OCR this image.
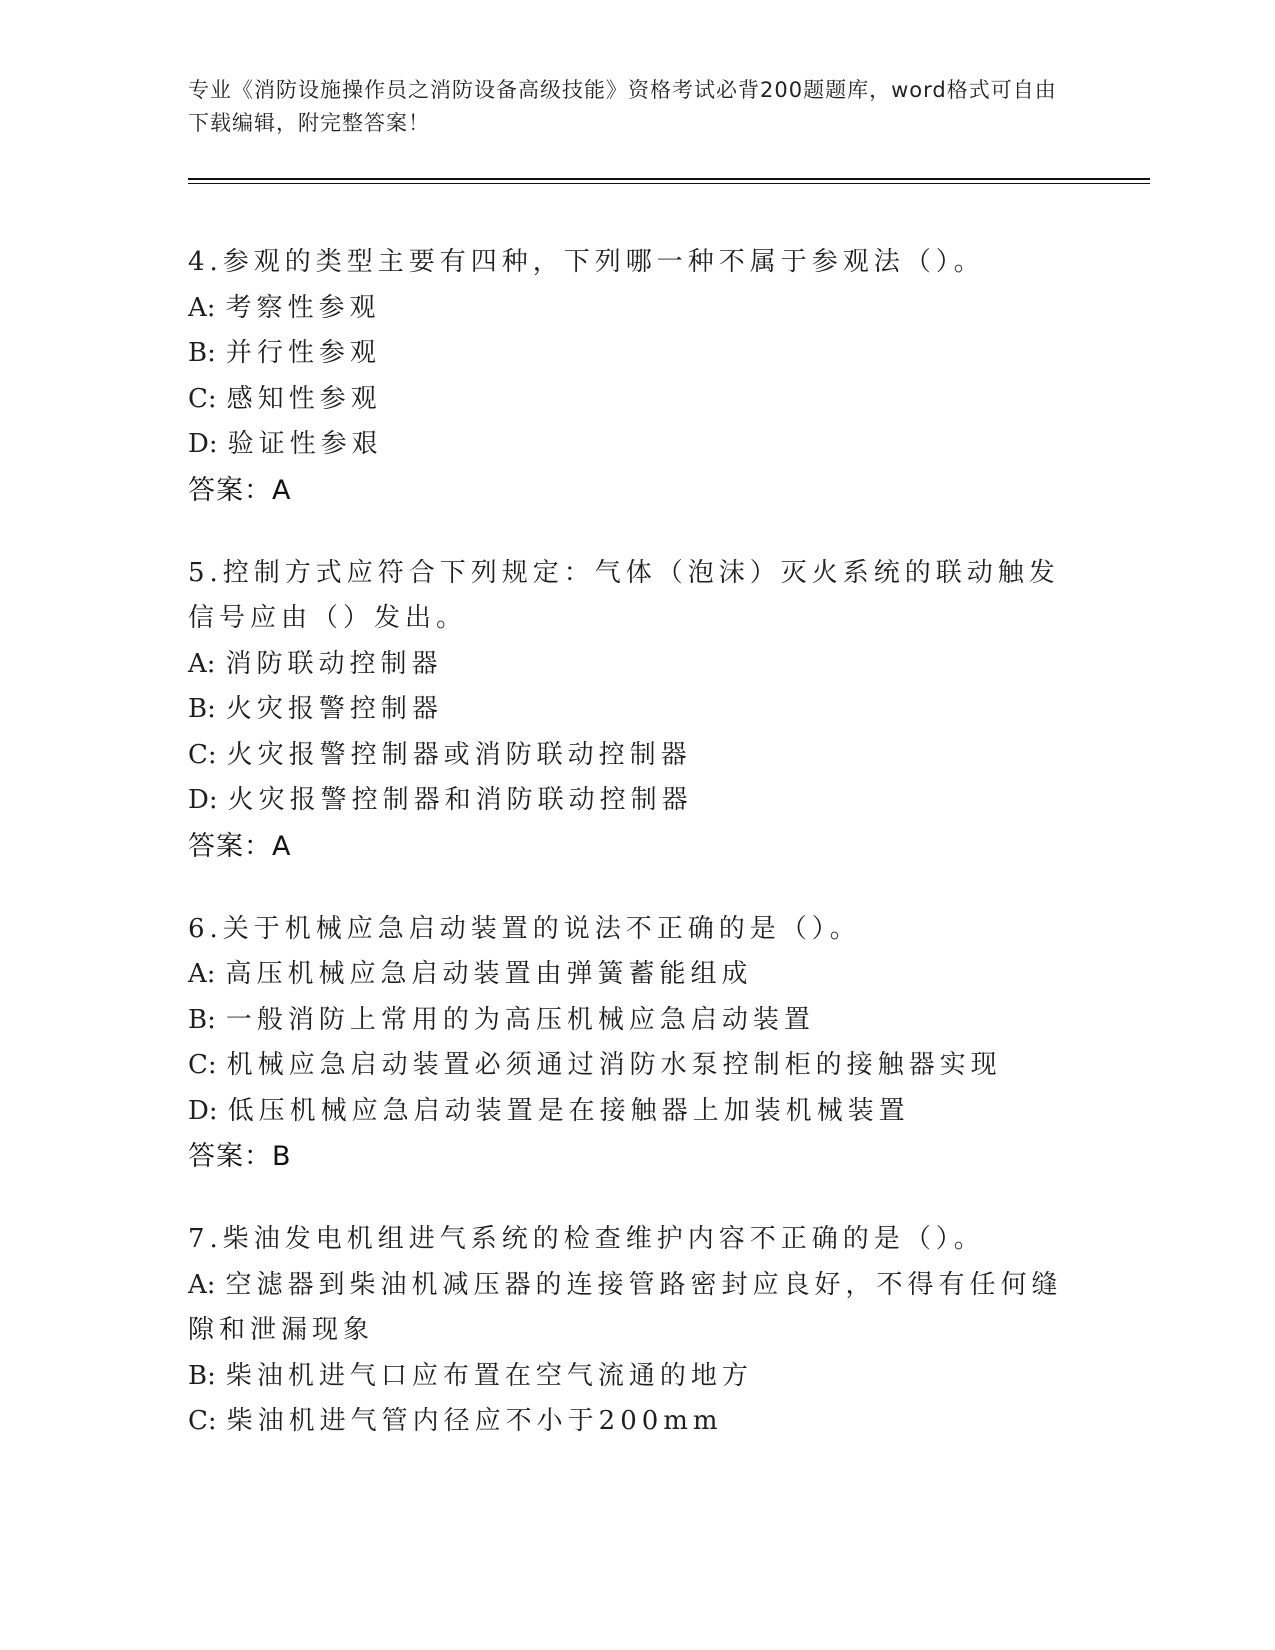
专业《消防设施操作员之消防设备高级技能》资格考试必背200题题库，word格式可自由下载编辑，附完整答案！
4.参观的类型主要有四种，下列哪一种不属于参观法（）。
A: 考察性参观
B: 并行性参观
C: 感知性参观
D: 验证性参艰
答案：A
5.控制方式应符合下列规定：气体（泡沫）灭火系统的联动触发信号应由（）发出。
A: 消防联动控制器
B: 火灾报警控制器
C: 火灾报警控制器或消防联动控制器
D: 火灾报警控制器和消防联动控制器
答案：A
6.关于机械应急启动装置的说法不正确的是（）。
A: 高压机械应急启动装置由弹簧蓄能组成
B: 一般消防上常用的为高压机械应急启动装置
C: 机械应急启动装置必须通过消防水泵控制柜的接触器实现
D: 低压机械应急启动装置是在接触器上加装机械装置
答案：B
7.柴油发电机组进气系统的检查维护内容不正确的是（）。
A: 空滤器到柴油机减压器的连接管路密封应良好，不得有任何缝隙和泄漏现象
B: 柴油机进气口应布置在空气流通的地方
C: 柴油机进气管内径应不小于200mm
